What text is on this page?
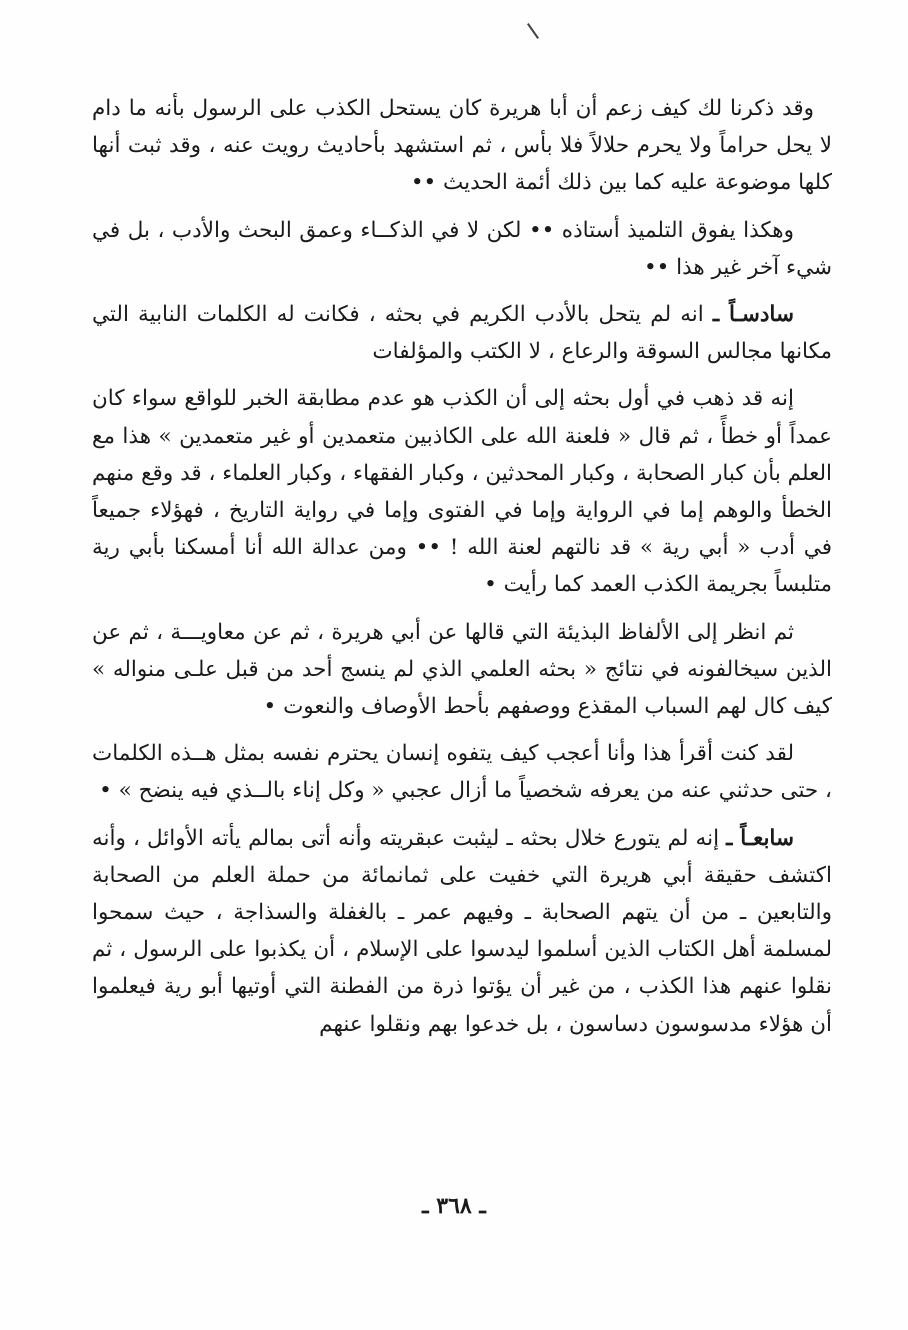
وقد ذكرنا لك كيف زعم أن أبا هريرة كان يستحل الكذب على الرسول بأنه ما دام لا يحل حراماً ولا يحرم حلالاً فلا بأس ، ثم استشهد بأحاديث رويت عنه ، وقد ثبت أنها كلها موضوعة عليه كما بين ذلك أئمة الحديث ••

وهكذا يفوق التلميذ أستاذه •• لكن لا في الذكــاء وعمق البحث والأدب ، بل في شيء آخر غير هذا ••

سادسـاً ـ انه لم يتحل بالأدب الكريم في بحثه ، فكانت له الكلمات النابية التي مكانها مجالس السوقة والرعاع ، لا الكتب والمؤلفات

إنه قد ذهب في أول بحثه إلى أن الكذب هو عدم مطابقة الخبر للواقع سواء كان عمداً أو خطأً ، ثم قال « فلعنة الله على الكاذبين متعمدين أو غير متعمدين » هذا مع العلم بأن كبار الصحابة ، وكبار المحدثين ، وكبار الفقهاء ، وكبار العلماء ، قد وقع منهم الخطأ والوهم إما في الرواية وإما في الفتوى وإما في رواية التاريخ ، فهؤلاء جميعاً في أدب « أبي رية » قد نالتهم لعنة الله ! •• ومن عدالة الله أنا أمسكنا بأبي رية متلبساً بجريمة الكذب العمد كما رأيت •

ثم انظر إلى الألفاظ البذيئة التي قالها عن أبي هريرة ، ثم عن معاويـــة ، ثم عن الذين سيخالفونه في نتائج « بحثه العلمي الذي لم ينسج أحد من قبل علـى منواله » كيف كال لهم السباب المقذع ووصفهم بأحط الأوصاف والنعوت •

لقد كنت أقرأ هذا وأنا أعجب كيف يتفوه إنسان يحترم نفسه بمثل هــذه الكلمات ، حتى حدثني عنه من يعرفه شخصياً ما أزال عجبي « وكل إناء بالــذي فيه ينضح » •

سابعـاً ـ إنه لم يتورع خلال بحثه ـ ليثبت عبقريته وأنه أتى بمالم يأته الأوائل ، وأنه اكتشف حقيقة أبي هريرة التي خفيت على ثمانمائة من حملة العلم من الصحابة والتابعين ـ من أن يتهم الصحابة ـ وفيهم عمر ـ بالغفلة والسذاجة ، حيث سمحوا لمسلمة أهل الكتاب الذين أسلموا ليدسوا على الإسلام ، أن يكذبوا على الرسول ، ثم نقلوا عنهم هذا الكذب ، من غير أن يؤتوا ذرة من الفطنة التي أوتيها أبو رية فيعلموا أن هؤلاء مدسوسون دساسون ، بل خدعوا بهم ونقلوا عنهم

ـ ٣٦٨ ـ
